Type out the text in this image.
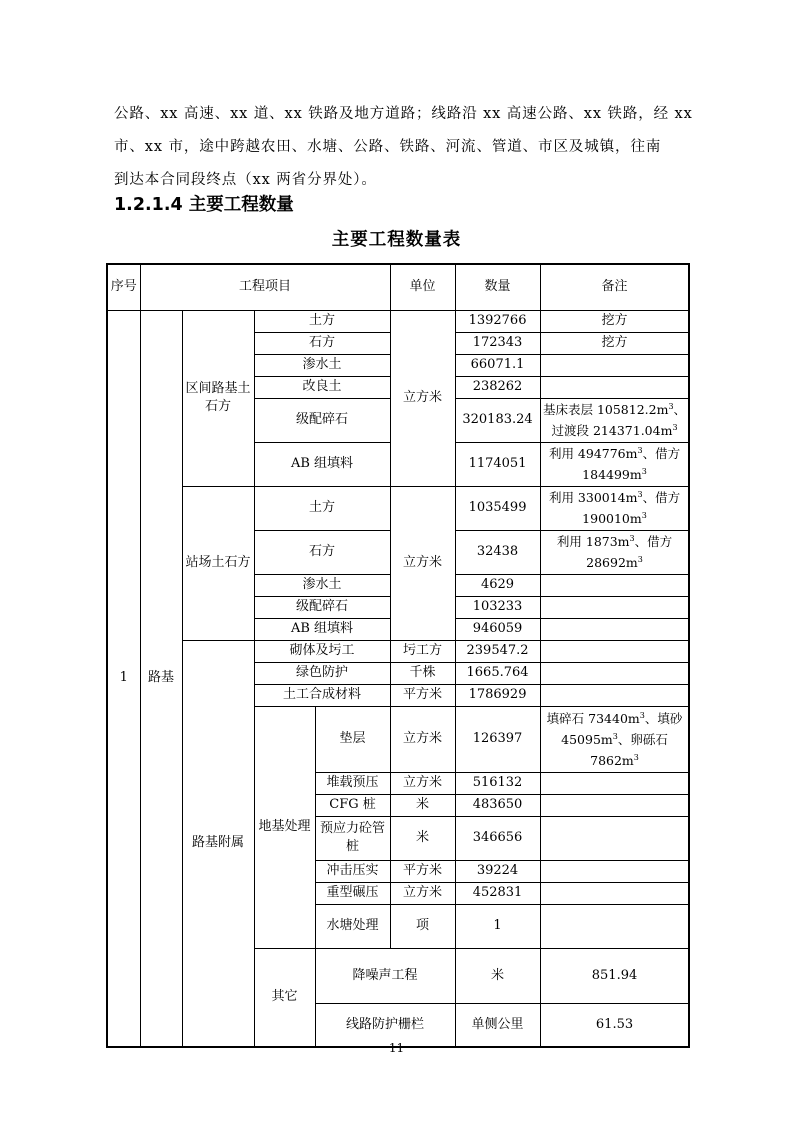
公路、xx 高速、xx 道、xx 铁路及地方道路；线路沿 xx 高速公路、xx 铁路，经 xx

市、xx 市，途中跨越农田、水塘、公路、铁路、河流、管道、市区及城镇，往南

到达本合同段终点（xx 两省分界处）。

1.2.1.4 主要工程数量
主要工程数量表
序号	工程项目				单位	数量	备注	
1	路基	区间路基土石方	土方		立方米	1392766	挖方	
			石方			172343	挖方	
			渗水土			66071.1		
			改良土			238262		
			级配碎石			320183.24	基床表层 $105812.2m^3$、过渡段 $214371.04m^3$
			AB 组填料			1174051	利用 $494776m^3$、借方 $184499m^3$
		站场土石方	土方		立方米	1035499	利用 $330014m^3$、借方 $190010m^3$
			石方			32438	利用 $1873m^3$、借方 $28692m^3$
			渗水土			4629		
			级配碎石			103233		
			AB 组填料			946059		
		路基附属	砌体及圬工		圬工方	239547.2		
			绿色防护		千株	1665.764		
			土工合成材料		平方米	1786929		
			地基处理	垫层	立方米	126397	填碎石 $73440m^3$、填砂 $45095m^3$、卵砾石 $7862m^3$
				堆载预压	立方米	516132		
				CFG 桩	米	483650		
				预应力砼管桩	米	346656		
				冲击压实	平方米	39224		
				重型碾压	立方米	452831		
				水塘处理	项	1		

			其它	降噪声工程		米	851.94	
				线路防护栅栏		单侧公里	61.53	
11
